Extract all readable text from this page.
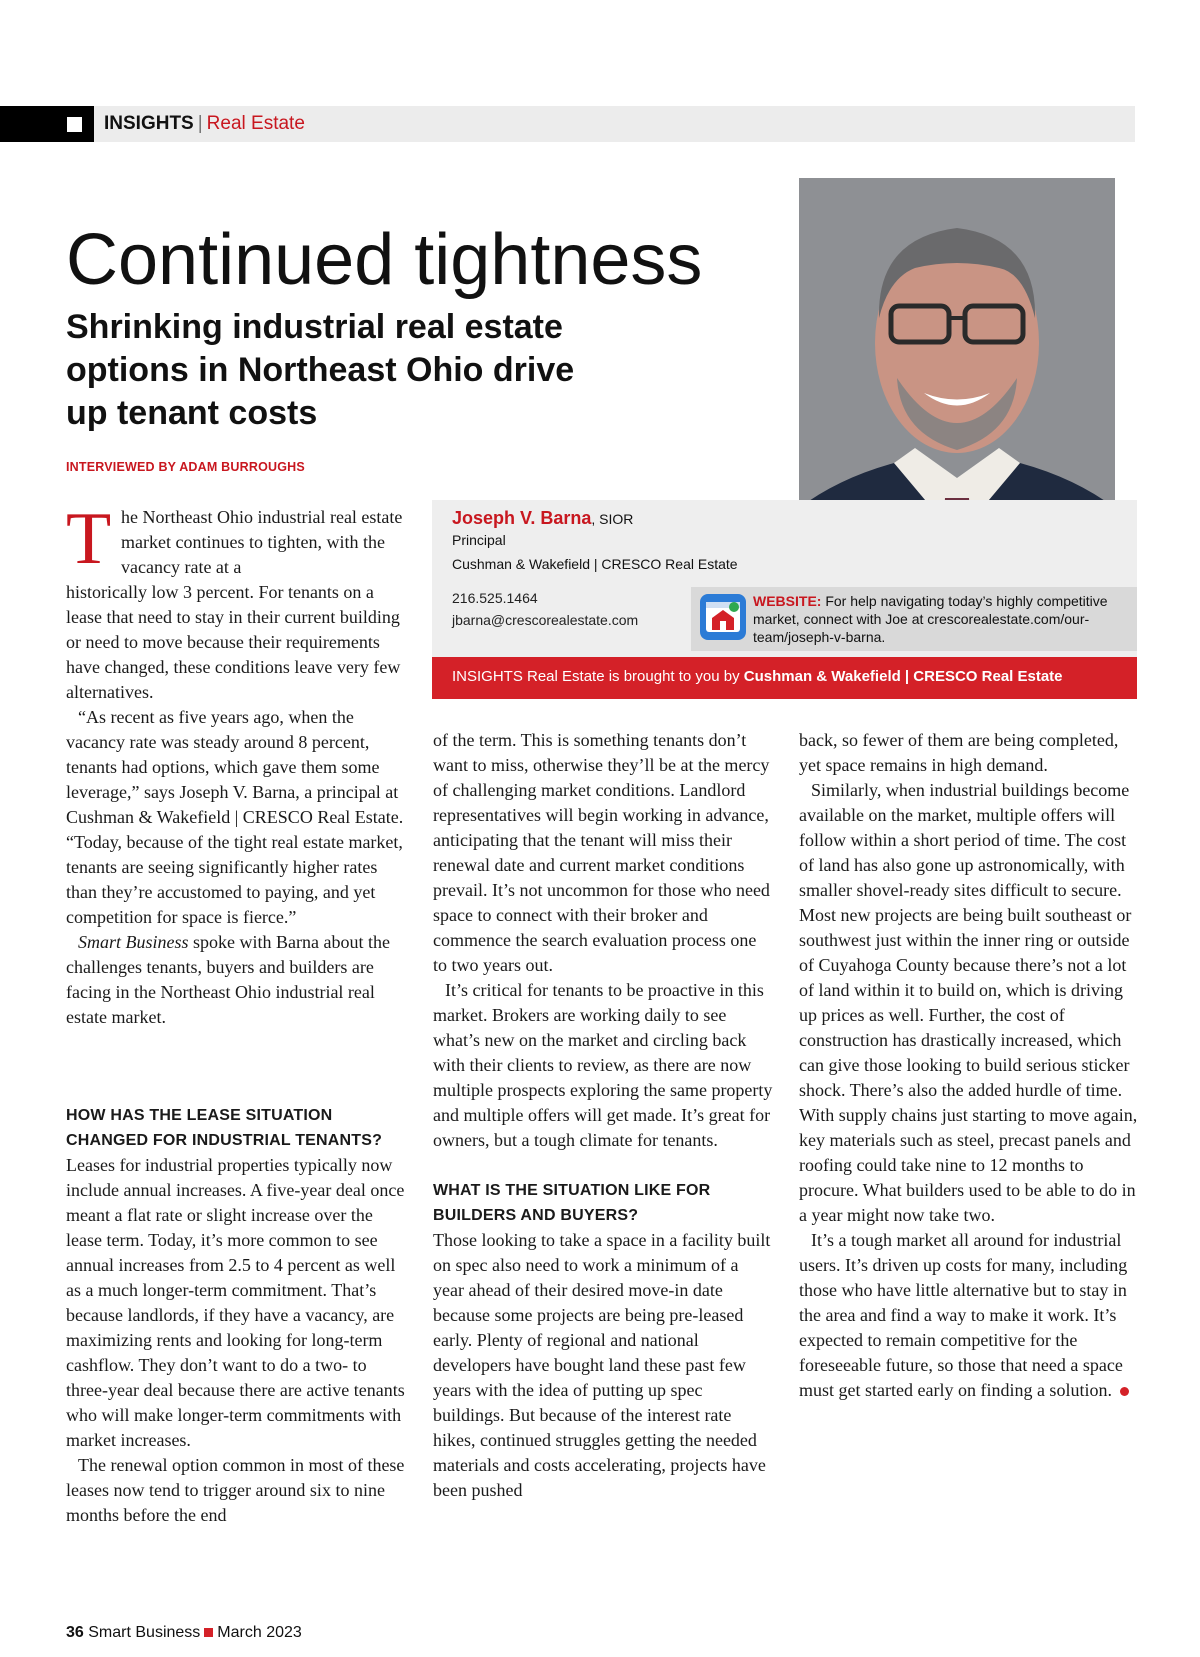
INSIGHTS | Real Estate
Continued tightness
Shrinking industrial real estate options in Northeast Ohio drive up tenant costs
INTERVIEWED BY ADAM BURROUGHS
Joseph V. Barna, SIOR
Principal
Cushman & Wakefield | CRESCO Real Estate
216.525.1464
jbarna@crescorealestate.com
WEBSITE: For help navigating today’s highly competitive market, connect with Joe at crescorealestate.com/our-team/joseph-v-barna.
INSIGHTS Real Estate is brought to you by Cushman & Wakefield | CRESCO Real Estate
T he Northeast Ohio industrial real estate market continues to tighten, with the vacancy rate at a

historically low 3 percent. For tenants on a lease that need to stay in their current building or need to move because their requirements have changed, these conditions leave very few alternatives.

“As recent as five years ago, when the vacancy rate was steady around 8 percent, tenants had options, which gave them some leverage,” says Joseph V. Barna, a principal at Cushman & Wakefield | CRESCO Real Estate. “Today, because of the tight real estate market, tenants are seeing significantly higher rates than they’re accustomed to paying, and yet competition for space is fierce.”

Smart Business spoke with Barna about the challenges tenants, buyers and builders are facing in the Northeast Ohio industrial real estate market.

HOW HAS THE LEASE SITUATION CHANGED FOR INDUSTRIAL TENANTS?

Leases for industrial properties typically now include annual increases. A five-year deal once meant a flat rate or slight increase over the lease term. Today, it’s more common to see annual increases from 2.5 to 4 percent as well as a much longer-term commitment. That’s because landlords, if they have a vacancy, are maximizing rents and looking for long-term cashflow. They don’t want to do a two- to three-year deal because there are active tenants who will make longer-term commitments with market increases.

The renewal option common in most of these leases now tend to trigger around six to nine months before the end

of the term. This is something tenants don’t want to miss, otherwise they’ll be at the mercy of challenging market conditions. Landlord representatives will begin working in advance, anticipating that the tenant will miss their renewal date and current market conditions prevail. It’s not uncommon for those who need space to connect with their broker and commence the search evaluation process one to two years out.

It’s critical for tenants to be proactive in this market. Brokers are working daily to see what’s new on the market and circling back with their clients to review, as there are now multiple prospects exploring the same property and multiple offers will get made. It’s great for owners, but a tough climate for tenants.

WHAT IS THE SITUATION LIKE FOR BUILDERS AND BUYERS?

Those looking to take a space in a facility built on spec also need to work a minimum of a year ahead of their desired move-in date because some projects are being pre-leased early. Plenty of regional and national developers have bought land these past few years with the idea of putting up spec buildings. But because of the interest rate hikes, continued struggles getting the needed materials and costs accelerating, projects have been pushed

back, so fewer of them are being completed, yet space remains in high demand.

Similarly, when industrial buildings become available on the market, multiple offers will follow within a short period of time. The cost of land has also gone up astronomically, with smaller shovel-ready sites difficult to secure. Most new projects are being built southeast or southwest just within the inner ring or outside of Cuyahoga County because there’s not a lot of land within it to build on, which is driving up prices as well. Further, the cost of construction has drastically increased, which can give those looking to build serious sticker shock. There’s also the added hurdle of time. With supply chains just starting to move again, key materials such as steel, precast panels and roofing could take nine to 12 months to procure. What builders used to be able to do in a year might now take two.

It’s a tough market all around for industrial users. It’s driven up costs for many, including those who have little alternative but to stay in the area and find a way to make it work. It’s expected to remain competitive for the foreseeable future, so those that need a space must get started early on finding a solution.

36 Smart Business March 2023
